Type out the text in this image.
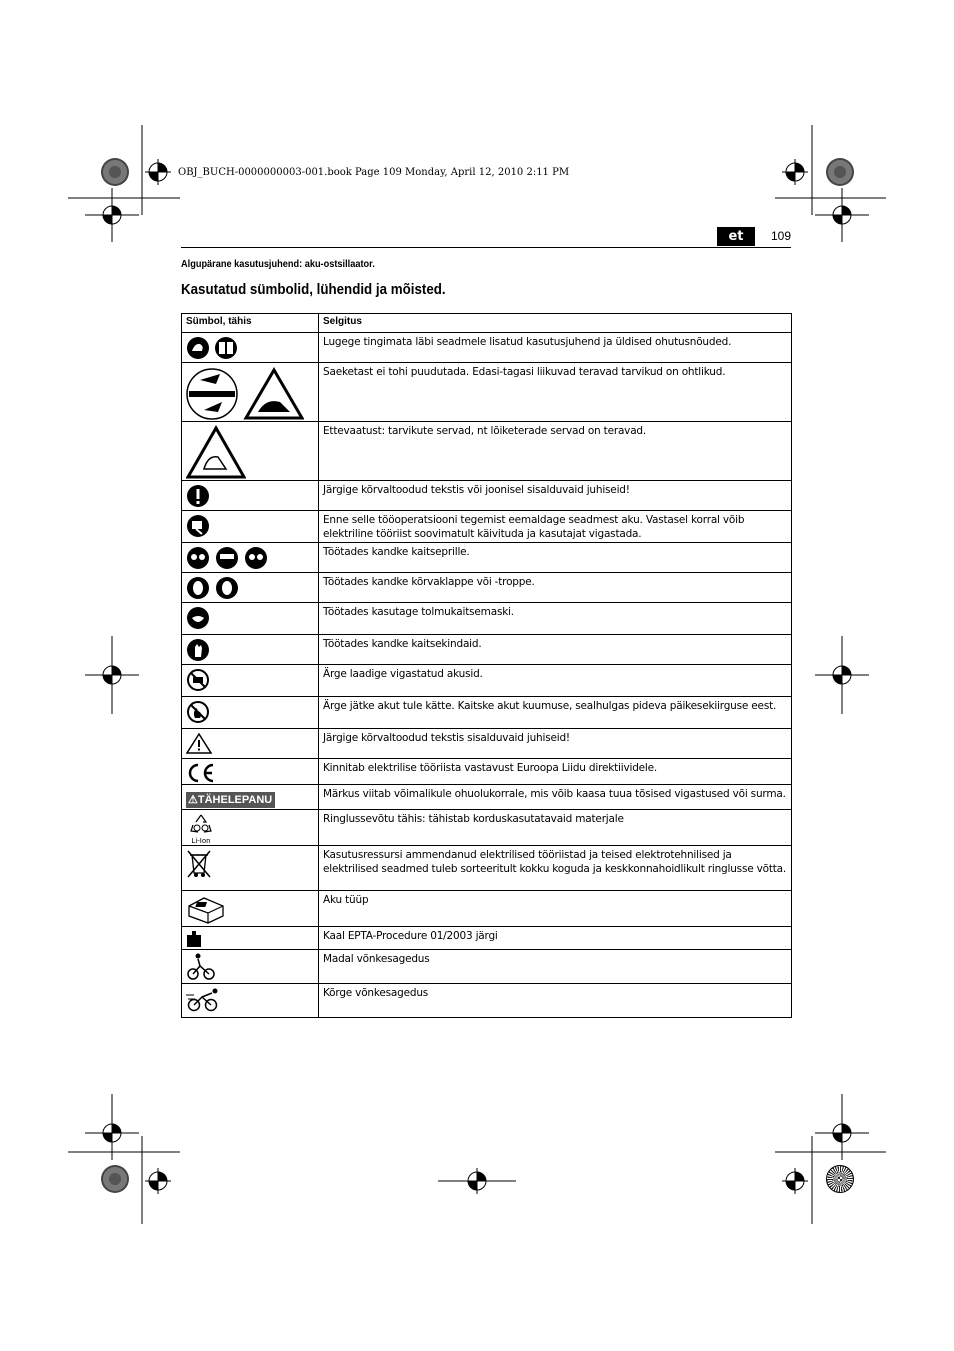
OBJ_BUCH-0000000003-001.book Page 109 Monday, April 12, 2010 2:11 PM
et	109
Algupärane kasutusjuhend: aku-ostsillaator.
Kasutatud sümbolid, lühendid ja mõisted.
Sümbol, tähis	Selgitus
	Lugege tingimata läbi seadmele lisatud kasutusjuhend ja üldised ohutusnõuded.
	Saeketast ei tohi puudutada. Edasi-tagasi liikuvad teravad tarvikud on ohtlikud.
	Ettevaatust: tarvikute servad, nt lõiketerade servad on teravad.
	Järgige kõrvaltoodud tekstis või joonisel sisalduvaid juhiseid!
	Enne selle tööoperatsiooni tegemist eemaldage seadmest aku. Vastasel korral võib elektriline tööriist soovimatult käivituda ja kasutajat vigastada.
	Töötades kandke kaitseprille.
	Töötades kandke kõrvaklappe või -troppe.
	Töötades kasutage tolmukaitsemaski.
	Töötades kandke kaitsekindaid.
	Ärge laadige vigastatud akusid.
	Ärge jätke akut tule kätte. Kaitske akut kuumuse, sealhulgas pideva päikesekiirguse eest.
	Järgige kõrvaltoodud tekstis sisalduvaid juhiseid!
	Kinnitab elektrilise tööriista vastavust Euroopa Liidu direktiividele.
⚠TÄHELEPANU	Märkus viitab võimalikule ohuolukorrale, mis võib kaasa tuua tõsised vigastused või surma.

Li-Ion	Ringlussevõtu tähis: tähistab korduskasutatavaid materjale
	Kasutusressursi ammendanud elektrilised tööriistad ja teised elektrotehnilised ja elektrilised seadmed tuleb sorteeritult kokku koguda ja keskkonnahoidlikult ringlusse võtta.
	Aku tüüp
	Kaal EPTA-Procedure 01/2003 järgi
	Madal võnkesagedus
	Kõrge võnkesagedus
